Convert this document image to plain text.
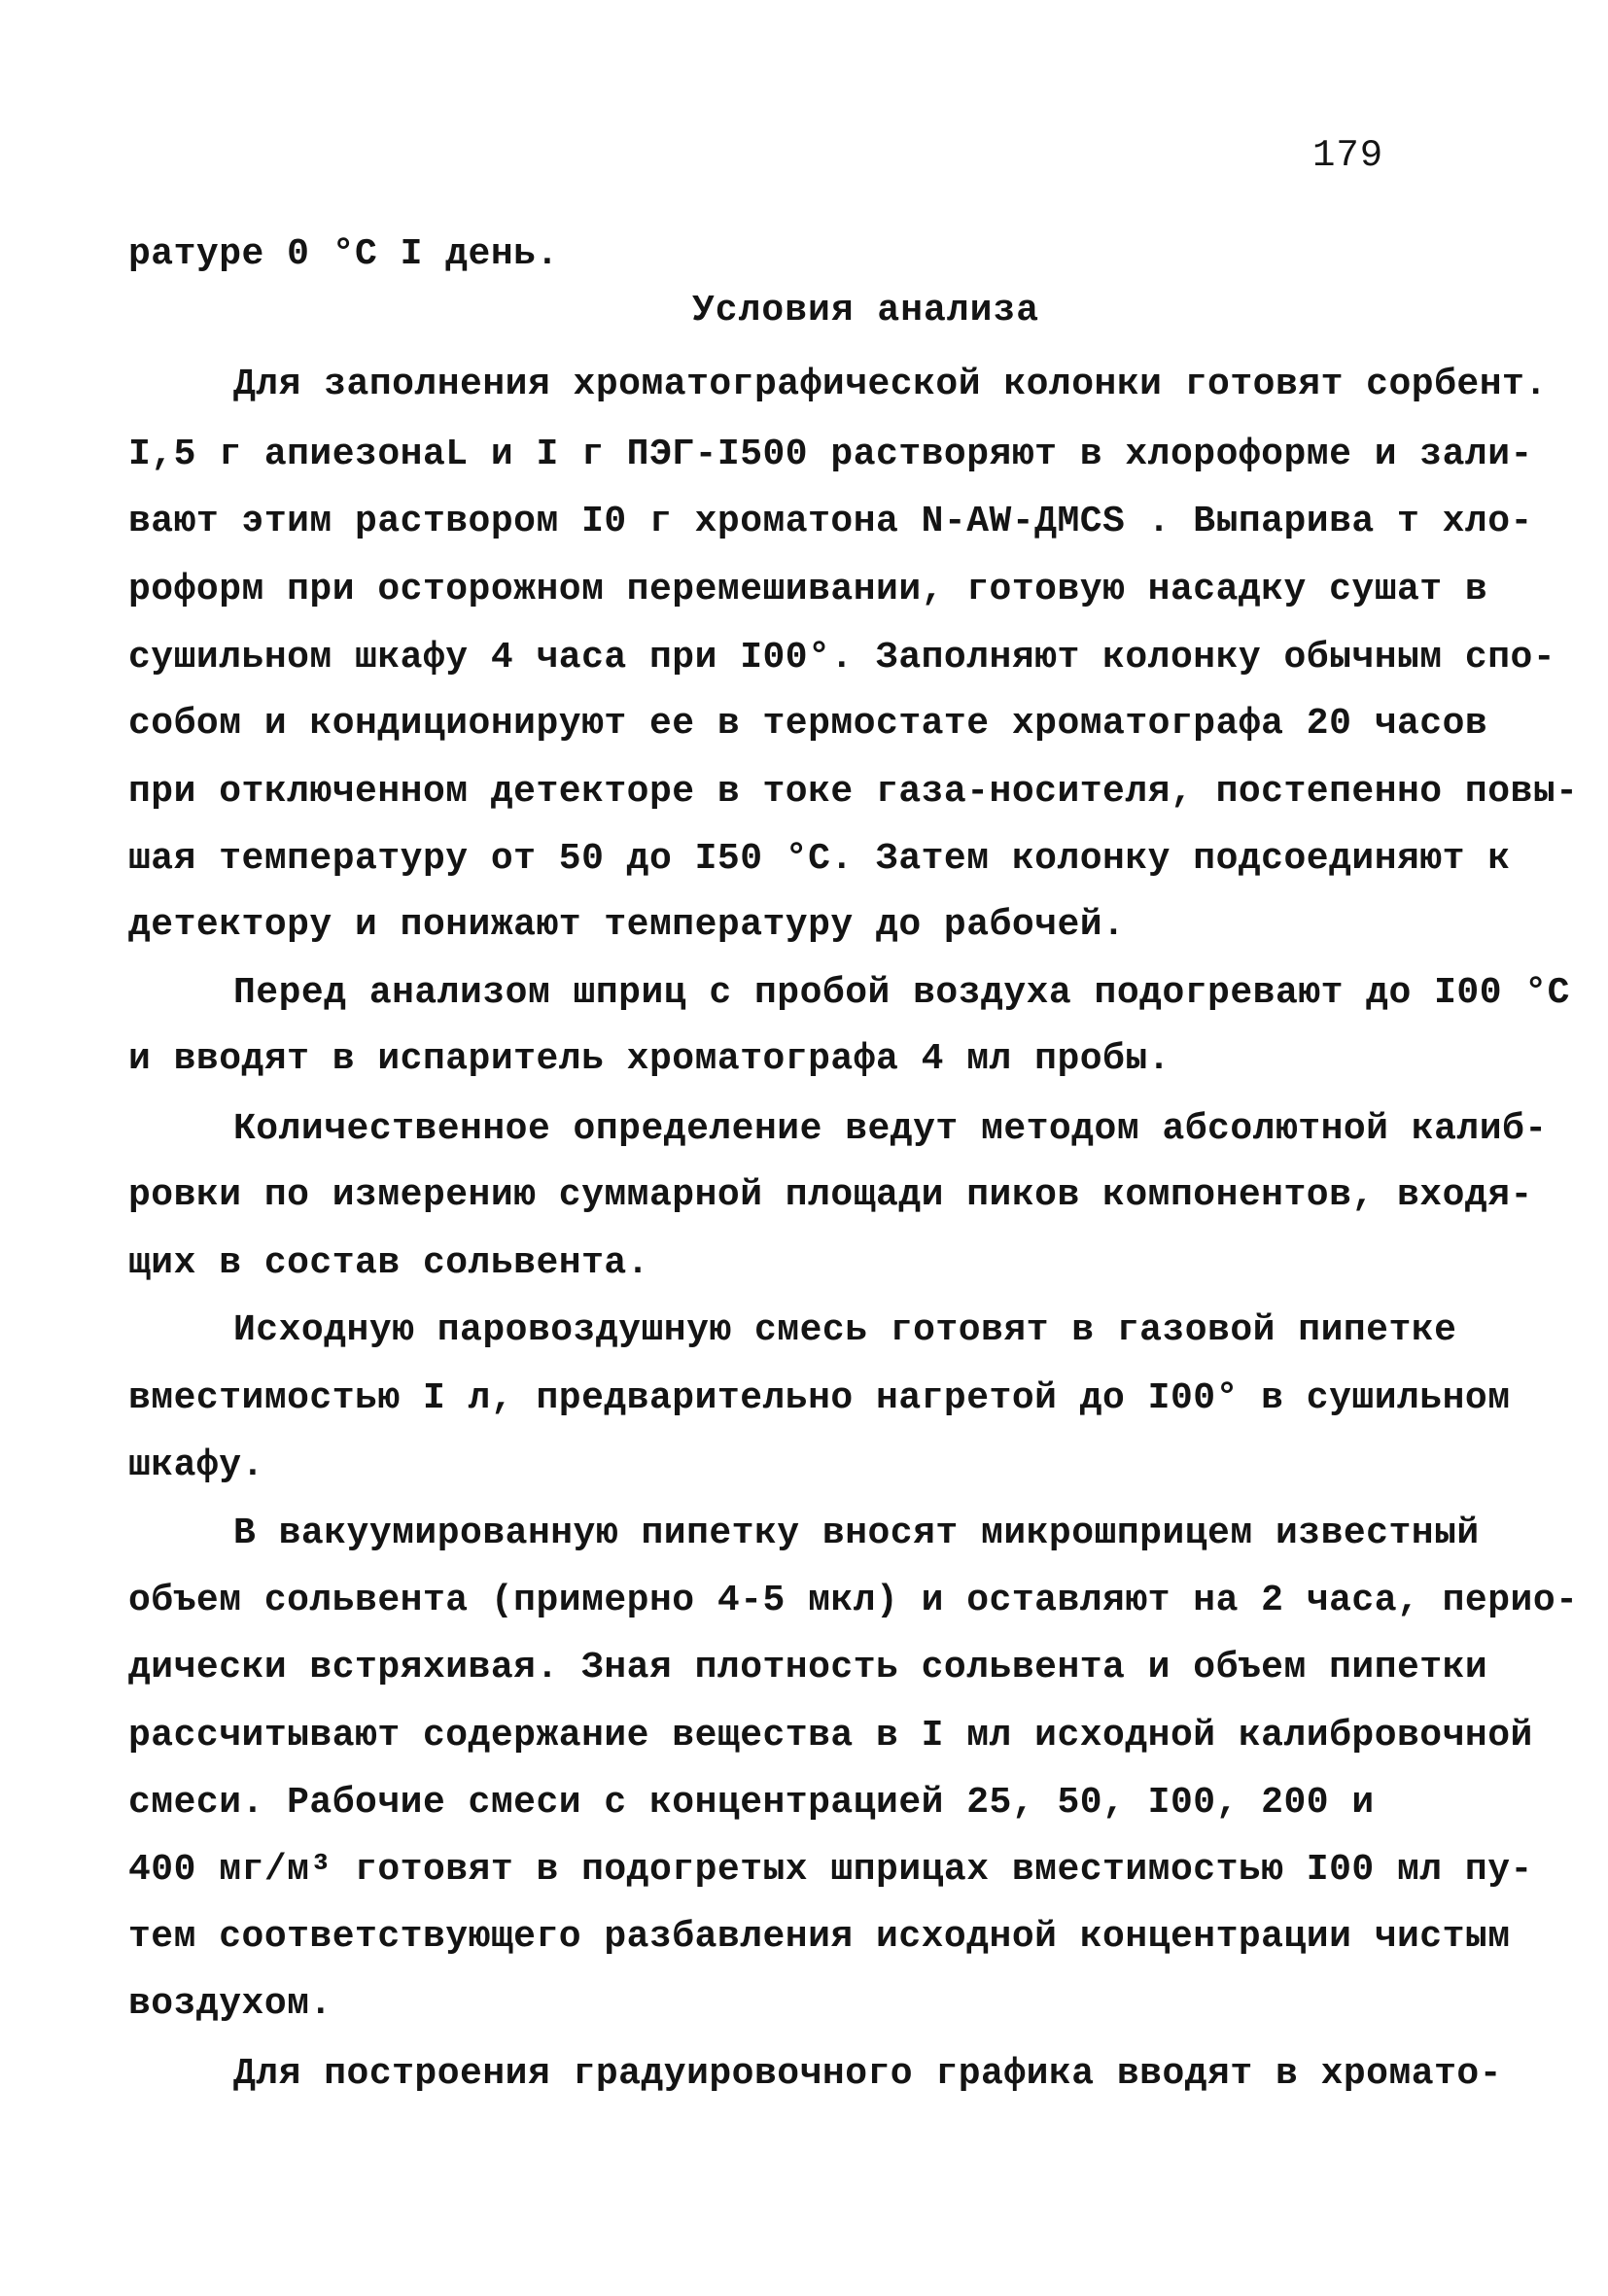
179
ратуре 0 °С I день.
Условия анализа
Для заполнения хроматографической колонки готовят сорбент.
I,5 г апиезонаL и I г ПЭГ-I500 растворяют в хлороформе и зали-
вают этим раствором I0 г хроматона N-AW-ДМСS . Выпарива т хло-
роформ при осторожном перемешивании, готовую насадку сушат в
сушильном шкафу 4 часа при I00°. Заполняют колонку обычным спо-
собом и кондиционируют ее в термостате хроматографа 20 часов
при отключенном детекторе в токе газа-носителя, постепенно повы-
шая температуру от 50 до I50 °С. Затем колонку подсоединяют к
детектору и понижают температуру до рабочей.
Перед анализом шприц с пробой воздуха подогревают до I00 °С
и вводят в испаритель хроматографа 4 мл пробы.
Количественное определение ведут методом абсолютной калиб-
ровки по измерению суммарной площади пиков компонентов, входя-
щих в состав сольвента.
Исходную паровоздушную смесь готовят в газовой пипетке
вместимостью I л, предварительно нагретой до I00° в сушильном
шкафу.
В вакуумированную пипетку вносят микрошприцем известный
объем сольвента (примерно 4-5 мкл) и оставляют на 2 часа, перио-
дически встряхивая. Зная плотность сольвента и объем пипетки
рассчитывают содержание вещества в I мл исходной калибровочной
смеси. Рабочие смеси с концентрацией 25, 50, I00, 200 и
400 мг/м³ готовят в подогретых шприцах вместимостью I00 мл пу-
тем соответствующего разбавления исходной концентрации чистым
воздухом.
Для построения градуировочного графика вводят в хромато-
